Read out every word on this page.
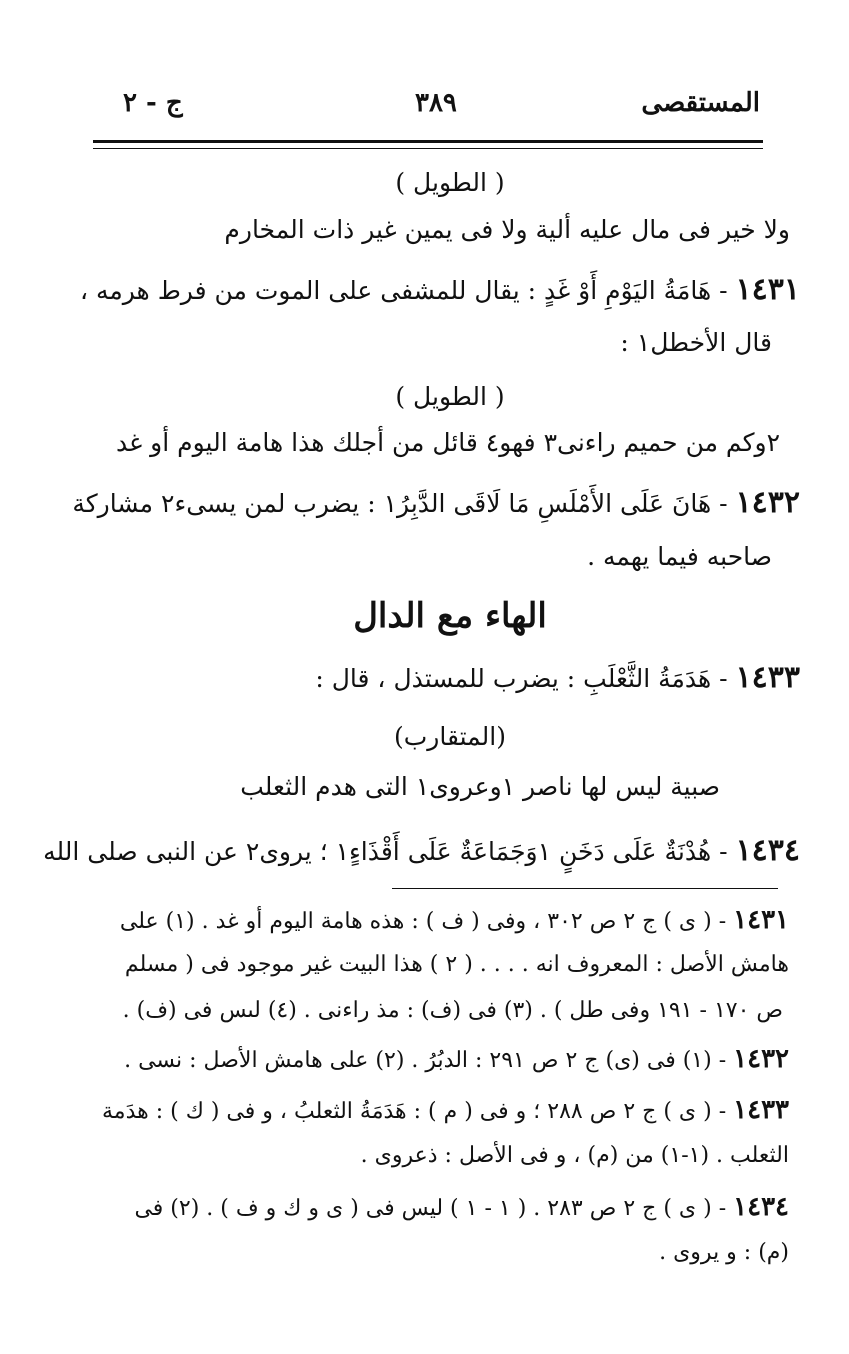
المستقصى
٣٨٩
ج - ٢
( الطويل )
ولا خير فى مال عليه ألية ولا فى يمين غير ذات المخارم
١٤٣١ - هَامَةُ اليَوْمِ أَوْ غَدٍ : يقال للمشفى على الموت من فرط هرمه ،
قال الأخطل١ :
( الطويل )
٢وكم من حميم راءنى٣ فهو٤ قائل من أجلك هذا هامة اليوم أو غد
١٤٣٢ - هَانَ عَلَى الأَمْلَسِ مَا لَاقَى الدَّبِرُ١ : يضرب لمن يسىء٢ مشاركة
صاحبه فيما يهمه .
الهاء مع الدال
١٤٣٣ - هَدَمَةُ الثَّعْلَبِ : يضرب للمستذل ، قال :
(المتقارب)
صبية ليس لها ناصر ١وعروى١ التى هدم الثعلب
١٤٣٤ - هُدْنَةٌ عَلَى دَخَنٍ ١وَجَمَاعَةٌ عَلَى أَقْذَاءٍ١ ؛ يروى٢ عن النبى صلى الله
١٤٣١ - ( ى ) ج ٢ ص ٣٠٢ ، وفى ( ف ) : هذه هامة اليوم أو غد . (١) على
هامش الأصل : المعروف انه . . . . ( ٢ ) هذا البيت غير موجود فى ( مسلم
ص ١٧٠ - ١٩١ وفى طل ) . (٣) فى (ف) : مذ راءنى . (٤) لىس فى (ف) .
١٤٣٢ - (١) فى (ى) ج ٢ ص ٢٩١ : الدبُرُ . (٢) على هامش الأصل : نسى .
١٤٣٣ - ( ى ) ج ٢ ص ٢٨٨ ؛ و فى ( م ) : هَدَمَةُ الثعلبُ ، و فى ( ك ) : هدَمة
الثعلب . (١-١) من (م) ، و فى الأصل : ذعروى .
١٤٣٤ - ( ى ) ج ٢ ص ٢٨٣ . ( ١ - ١ ) ليس فى ( ى و ك و ف ) . (٢) فى
(م) : و يروى .
